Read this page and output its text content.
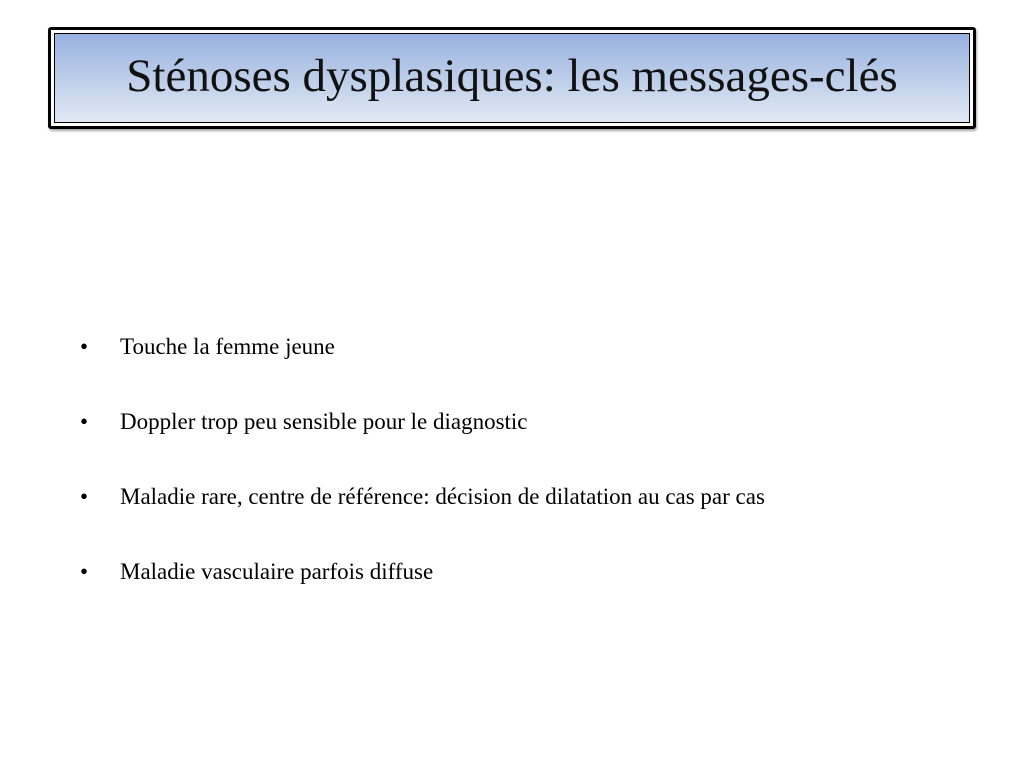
Sténoses dysplasiques: les messages-clés
•	Touche la femme jeune
•	Doppler trop peu sensible pour le diagnostic
•	Maladie rare, centre de référence: décision de dilatation au cas par cas
•	Maladie vasculaire parfois diffuse
